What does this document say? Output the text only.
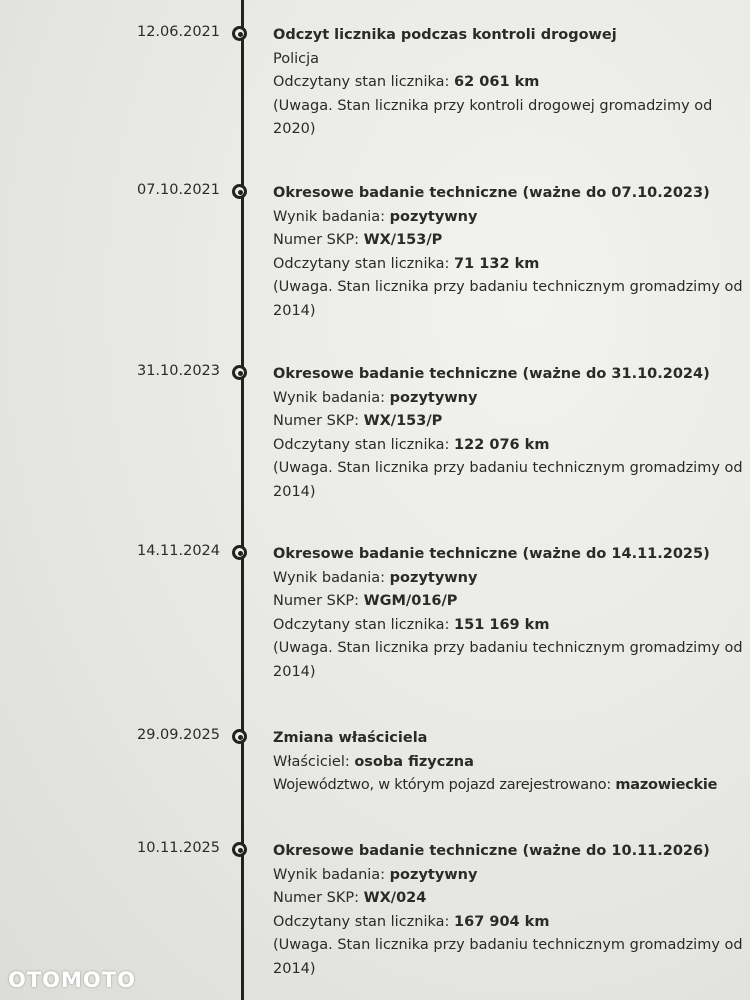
12.06.2021	Odczyt licznika podczas kontroli drogowej
Policja
Odczytany stan licznika: 62 061 km
(Uwaga. Stan licznika przy kontroli drogowej gromadzimy od 2020)
07.10.2021	Okresowe badanie techniczne (ważne do 07.10.2023)
Wynik badania: pozytywny
Numer SKP: WX/153/P
Odczytany stan licznika: 71 132 km
(Uwaga. Stan licznika przy badaniu technicznym gromadzimy od 2014)
31.10.2023	Okresowe badanie techniczne (ważne do 31.10.2024)
Wynik badania: pozytywny
Numer SKP: WX/153/P
Odczytany stan licznika: 122 076 km
(Uwaga. Stan licznika przy badaniu technicznym gromadzimy od 2014)
14.11.2024	Okresowe badanie techniczne (ważne do 14.11.2025)
Wynik badania: pozytywny
Numer SKP: WGM/016/P
Odczytany stan licznika: 151 169 km
(Uwaga. Stan licznika przy badaniu technicznym gromadzimy od 2014)
29.09.2025	Zmiana właściciela
Właściciel: osoba fizyczna
Województwo, w którym pojazd zarejestrowano: mazowieckie
10.11.2025	Okresowe badanie techniczne (ważne do 10.11.2026)
Wynik badania: pozytywny
Numer SKP: WX/024
Odczytany stan licznika: 167 904 km
(Uwaga. Stan licznika przy badaniu technicznym gromadzimy od 2014)
OTOMOTO
